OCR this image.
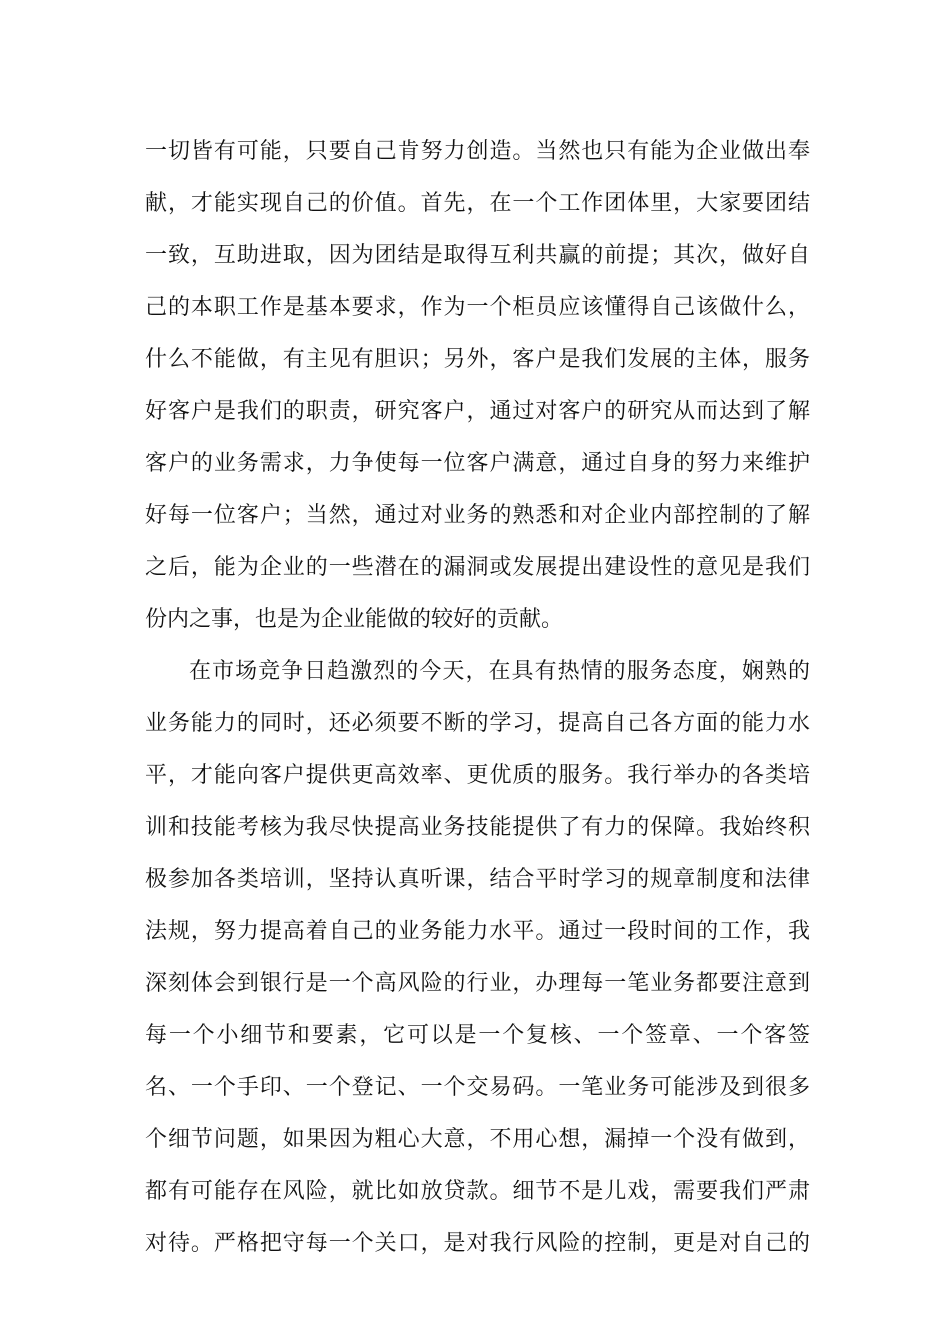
一切皆有可能，只要自己肯努力创造。当然也只有能为企业做出奉
献，才能实现自己的价值。首先，在一个工作团体里，大家要团结
一致，互助进取，因为团结是取得互利共赢的前提；其次，做好自
己的本职工作是基本要求，作为一个柜员应该懂得自己该做什么，
什么不能做，有主见有胆识；另外，客户是我们发展的主体，服务
好客户是我们的职责，研究客户，通过对客户的研究从而达到了解
客户的业务需求，力争使每一位客户满意，通过自身的努力来维护
好每一位客户；当然，通过对业务的熟悉和对企业内部控制的了解
之后，能为企业的一些潜在的漏洞或发展提出建设性的意见是我们
份内之事，也是为企业能做的较好的贡献。
在市场竞争日趋激烈的今天，在具有热情的服务态度，娴熟的
业务能力的同时，还必须要不断的学习，提高自己各方面的能力水
平，才能向客户提供更高效率、更优质的服务。我行举办的各类培
训和技能考核为我尽快提高业务技能提供了有力的保障。我始终积
极参加各类培训，坚持认真听课，结合平时学习的规章制度和法律
法规，努力提高着自己的业务能力水平。通过一段时间的工作，我
深刻体会到银行是一个高风险的行业，办理每一笔业务都要注意到
每一个小细节和要素，它可以是一个复核、一个签章、一个客签
名、一个手印、一个登记、一个交易码。一笔业务可能涉及到很多
个细节问题，如果因为粗心大意，不用心想，漏掉一个没有做到，
都有可能存在风险，就比如放贷款。细节不是儿戏，需要我们严肃
对待。严格把守每一个关口，是对我行风险的控制，更是对自己的
